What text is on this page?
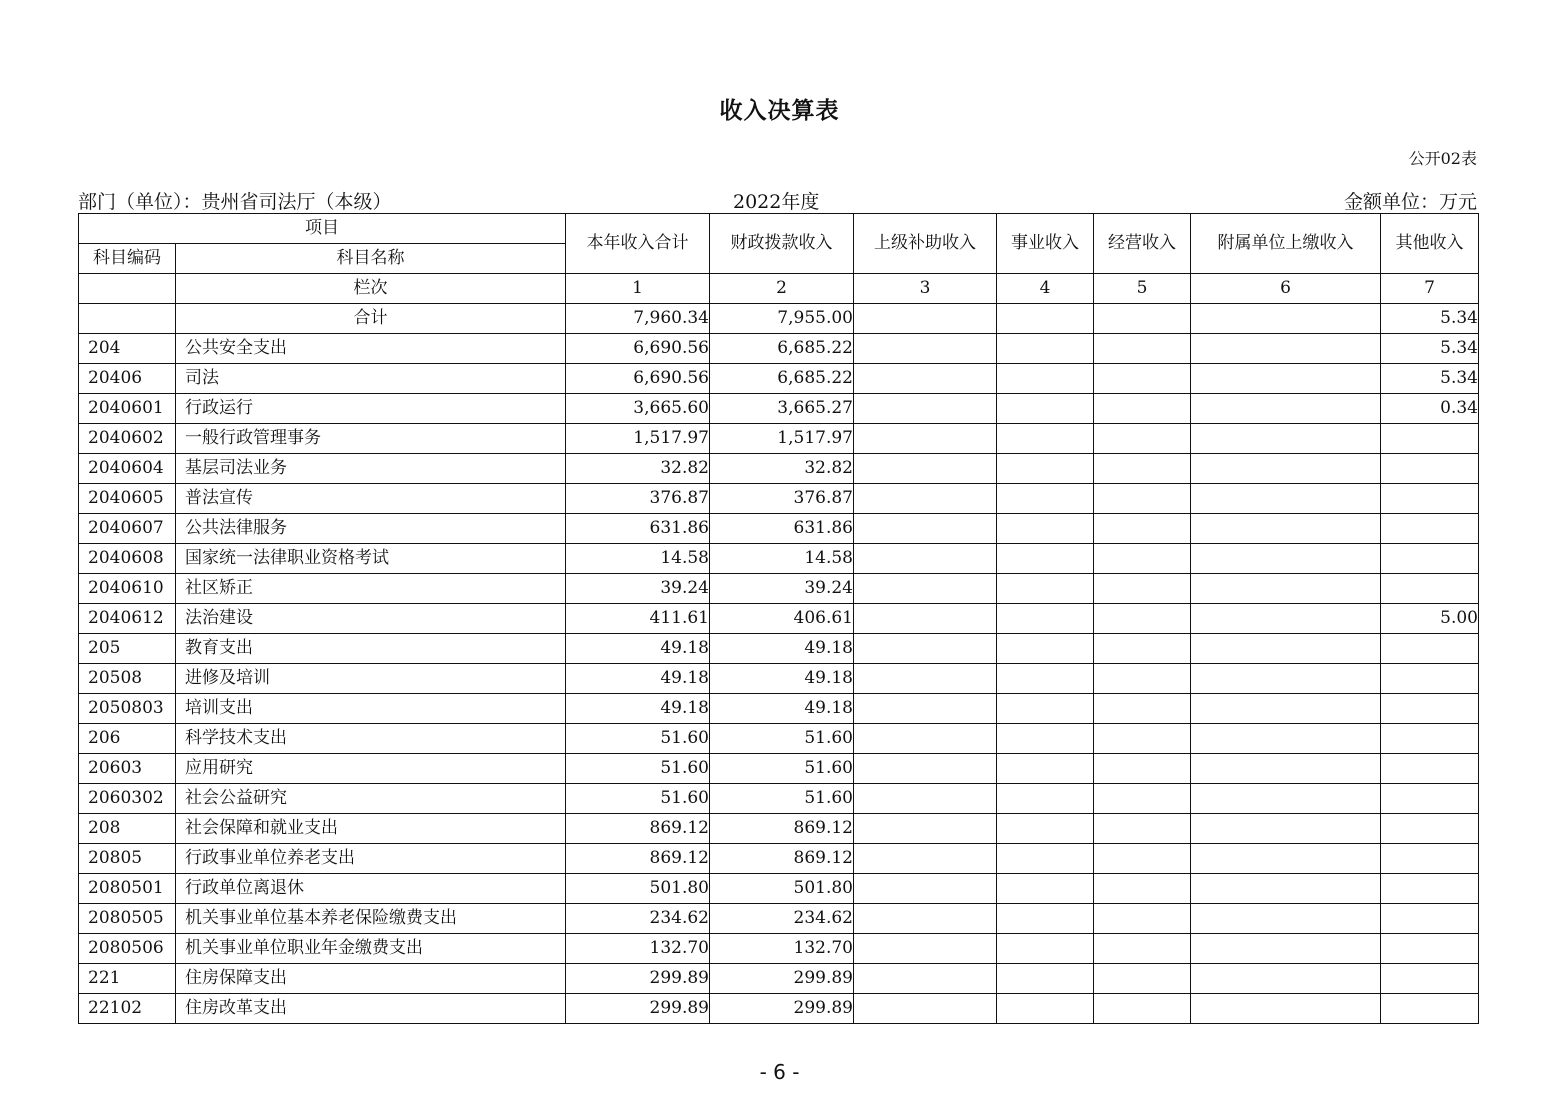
收入决算表
公开02表
部门（单位）：贵州省司法厅（本级）	2022年度	金额单位：万元
项目		本年收入合计	财政拨款收入	上级补助收入	事业收入	经营收入	附属单位上缴收入	其他收入
科目编码	科目名称							
	栏次	1	2	3	4	5	6	7
	合计	7,960.34	7,955.00					5.34
204	公共安全支出	6,690.56	6,685.22					5.34
20406	司法	6,690.56	6,685.22					5.34
2040601	行政运行	3,665.60	3,665.27					0.34
2040602	一般行政管理事务	1,517.97	1,517.97					
2040604	基层司法业务	32.82	32.82					
2040605	普法宣传	376.87	376.87					
2040607	公共法律服务	631.86	631.86					
2040608	国家统一法律职业资格考试	14.58	14.58					
2040610	社区矫正	39.24	39.24					
2040612	法治建设	411.61	406.61					5.00
205	教育支出	49.18	49.18					
20508	进修及培训	49.18	49.18					
2050803	培训支出	49.18	49.18					
206	科学技术支出	51.60	51.60					
20603	应用研究	51.60	51.60					
2060302	社会公益研究	51.60	51.60					
208	社会保障和就业支出	869.12	869.12					
20805	行政事业单位养老支出	869.12	869.12					
2080501	行政单位离退休	501.80	501.80					
2080505	机关事业单位基本养老保险缴费支出	234.62	234.62					
2080506	机关事业单位职业年金缴费支出	132.70	132.70					
221	住房保障支出	299.89	299.89					
22102	住房改革支出	299.89	299.89					
- 6 -
